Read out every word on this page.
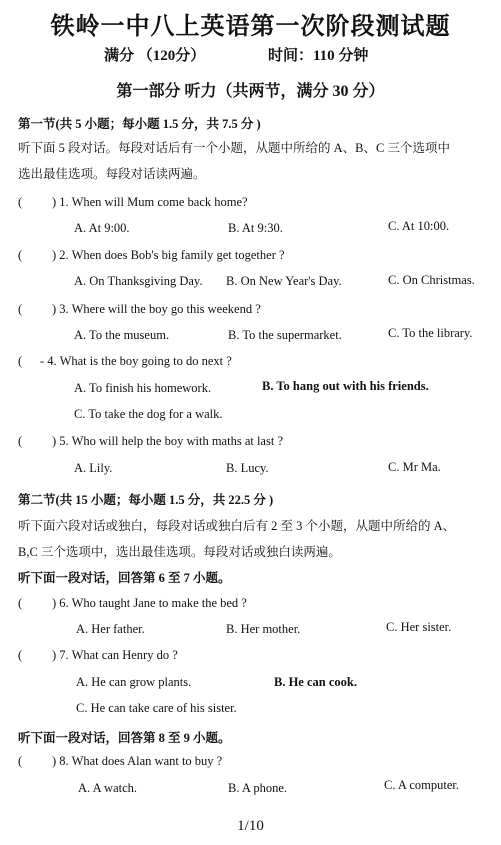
铁岭一中八上英语第一次阶段测试题
满分 （120分）	时间：110 分钟
第一部分 听力（共两节，满分 30 分）
第一节(共 5 小题；每小题 1.5 分，共 7.5 分 )
听下面 5 段对话。每段对话后有一个小题，从题中所给的 A、B、C 三个选项中
选出最佳选项。每段对话读两遍。
( ) 1. When will Mum come back home?
A. At 9:00.	B. At 9:30.	C. At 10:00.
( ) 2. When does Bob's big family get together ?
A. On Thanksgiving Day. B. On New Year's Day.	C. On Christmas.
( ) 3. Where will the boy go this weekend ?
A. To the museum.	B. To the supermarket.	C. To the library.
( - 4. What is the boy going to do next ?
A. To finish his homework.	B. To hang out with his friends.
C. To take the dog for a walk.
( ) 5. Who will help the boy with maths at last ?
A. Lily.	B. Lucy.	C. Mr Ma.
第二节(共 15 小题；每小题 1.5 分，共 22.5 分 )
听下面六段对话或独白，每段对话或独白后有 2 至 3 个小题，从题中所给的 A、
B,C 三个选项中，选出最佳选项。每段对话或独白读两遍。
听下面一段对话，回答第 6 至 7 小题。
( ) 6. Who taught Jane to make the bed ?
A. Her father.	B. Her mother.	C. Her sister.
( ) 7. What can Henry do ?
A. He can grow plants.	B. He can cook.
C. He can take care of his sister.
听下面一段对话，回答第 8 至 9 小题。
( ) 8. What does Alan want to buy ?
A. A watch.	B. A phone.	C. A computer.
1/10
